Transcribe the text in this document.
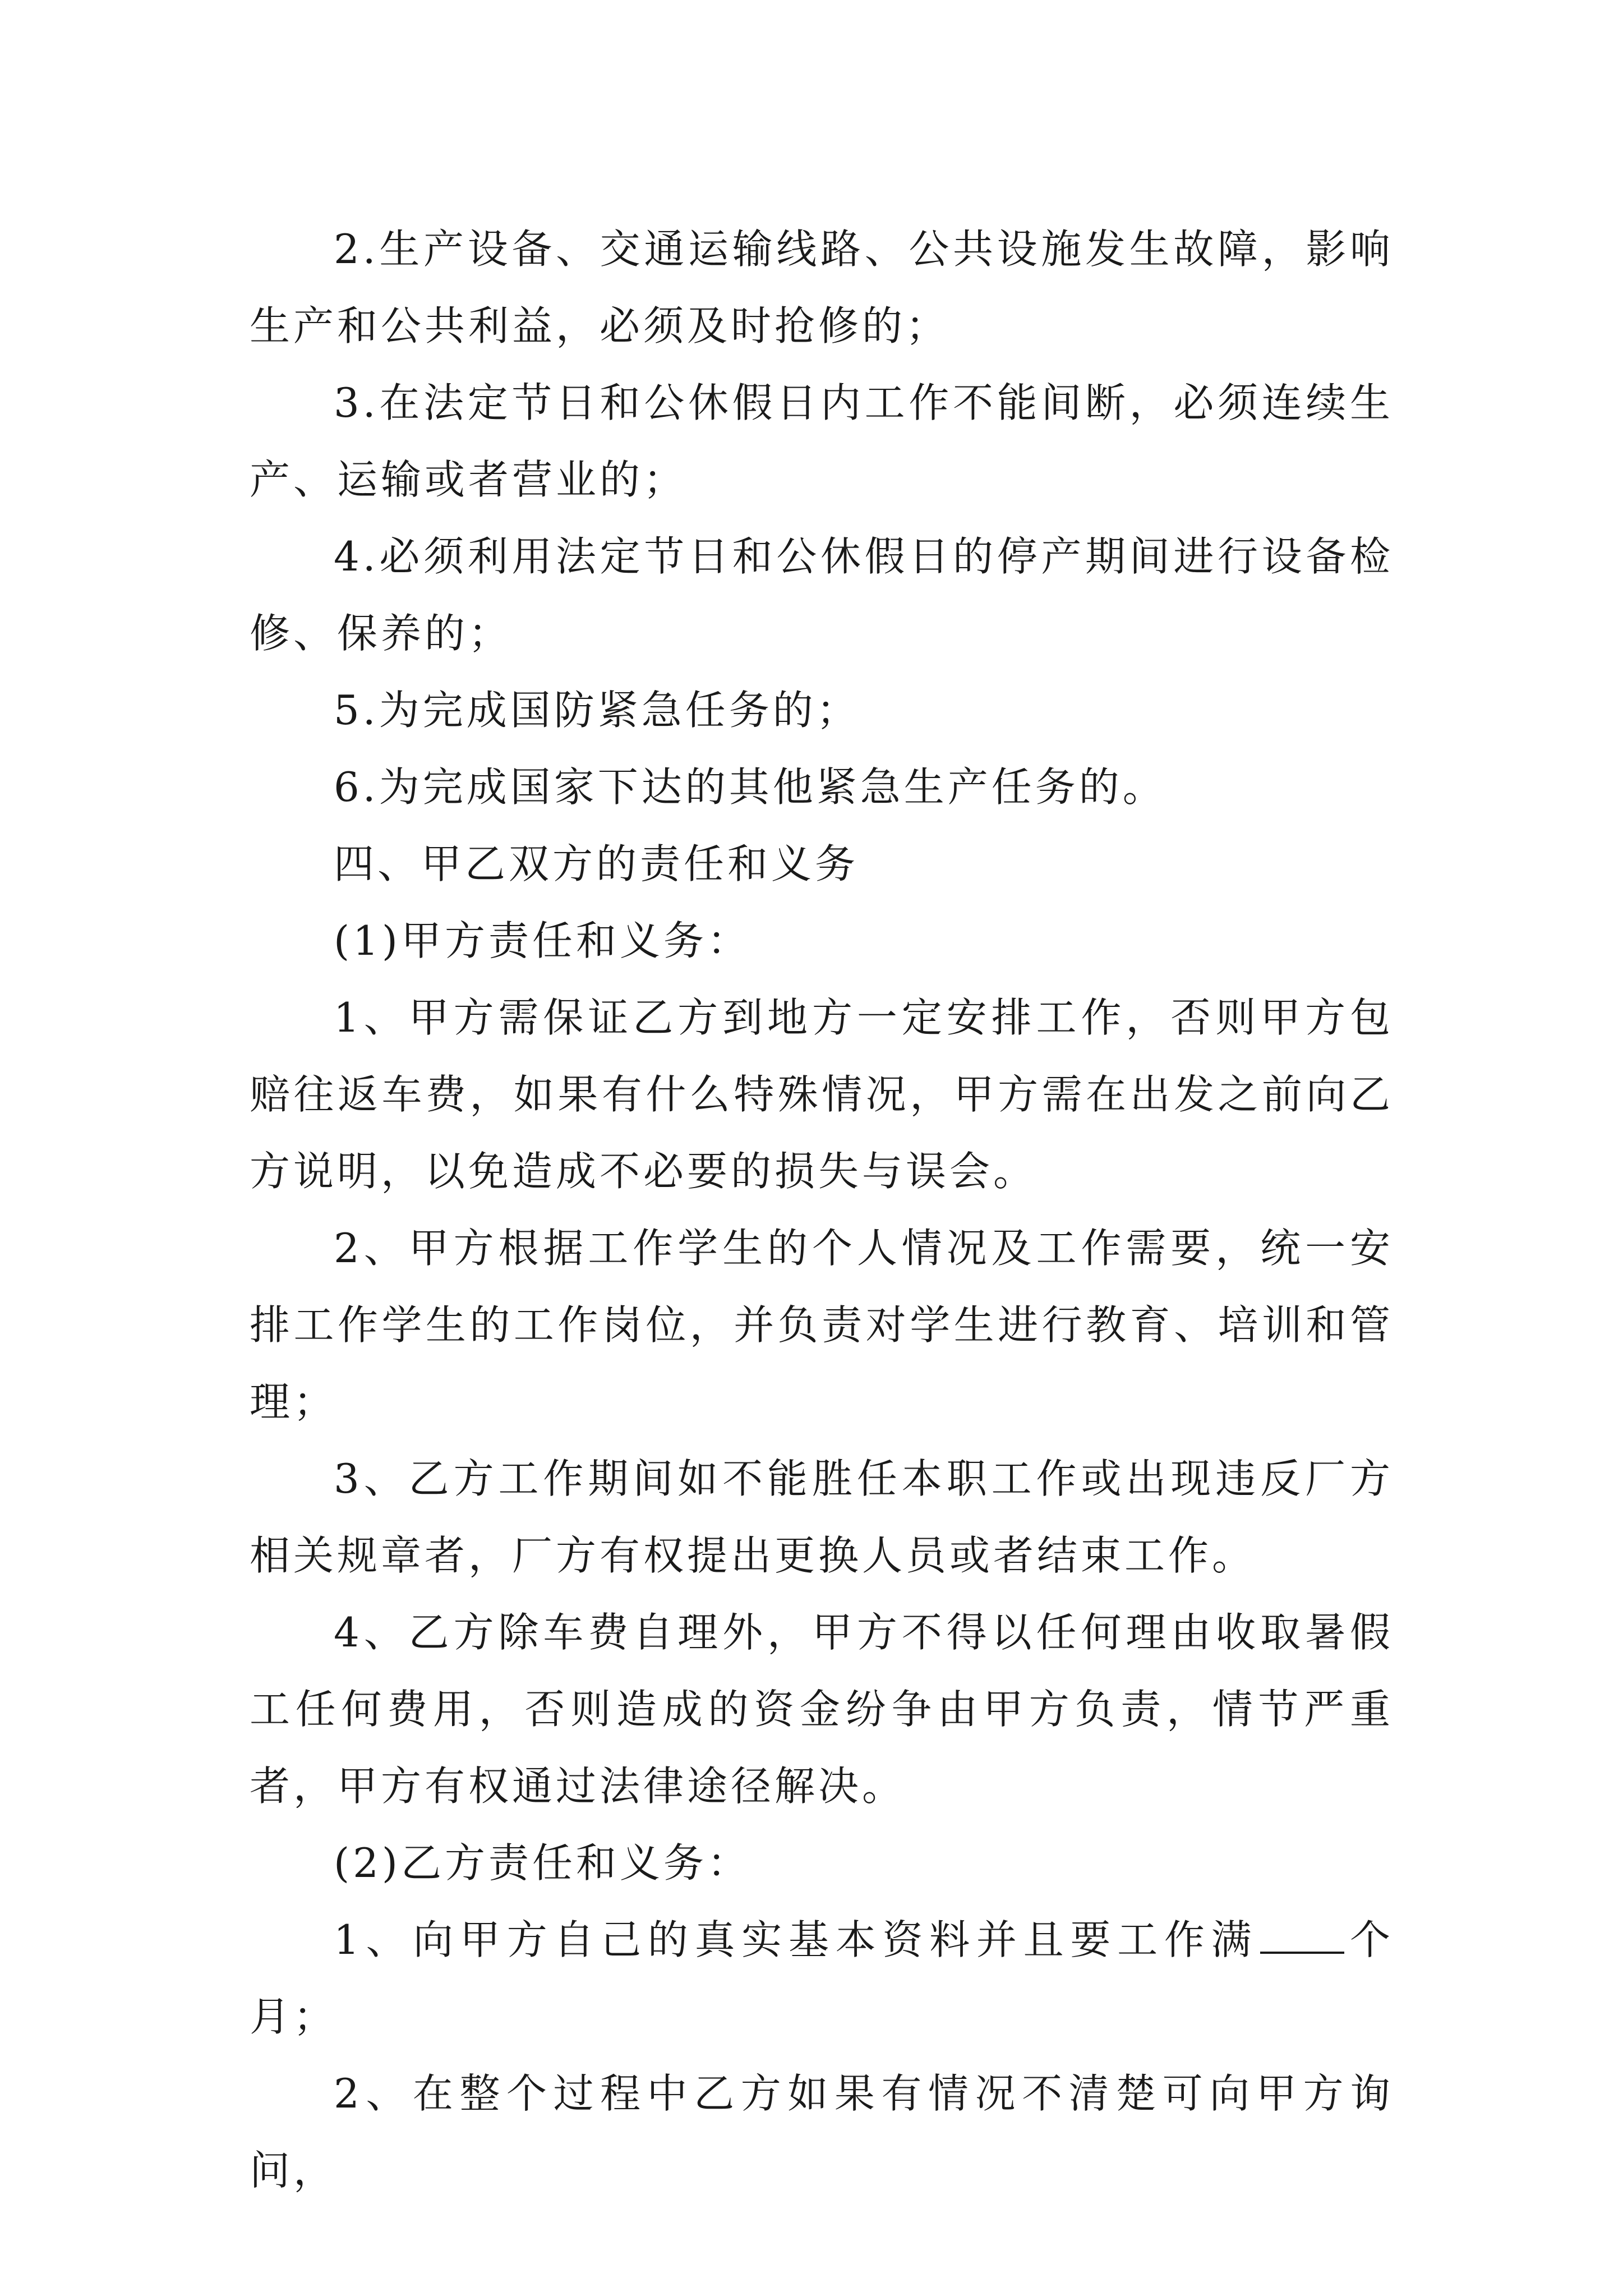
2.生产设备、交通运输线路、公共设施发生故障，影响生产和公共利益，必须及时抢修的；

3.在法定节日和公休假日内工作不能间断，必须连续生产、运输或者营业的；

4.必须利用法定节日和公休假日的停产期间进行设备检修、保养的；

5.为完成国防紧急任务的；

6.为完成国家下达的其他紧急生产任务的。

四、甲乙双方的责任和义务

(1)甲方责任和义务：

1、甲方需保证乙方到地方一定安排工作，否则甲方包赔往返车费，如果有什么特殊情况，甲方需在出发之前向乙方说明，以免造成不必要的损失与误会。

2、甲方根据工作学生的个人情况及工作需要，统一安排工作学生的工作岗位，并负责对学生进行教育、培训和管理；

3、乙方工作期间如不能胜任本职工作或出现违反厂方相关规章者，厂方有权提出更换人员或者结束工作。

4、乙方除车费自理外，甲方不得以任何理由收取暑假工任何费用，否则造成的资金纷争由甲方负责，情节严重者，甲方有权通过法律途径解决。

(2)乙方责任和义务：

1、向甲方自己的真实基本资料并且要工作满 个月；

2、在整个过程中乙方如果有情况不清楚可向甲方询问，
